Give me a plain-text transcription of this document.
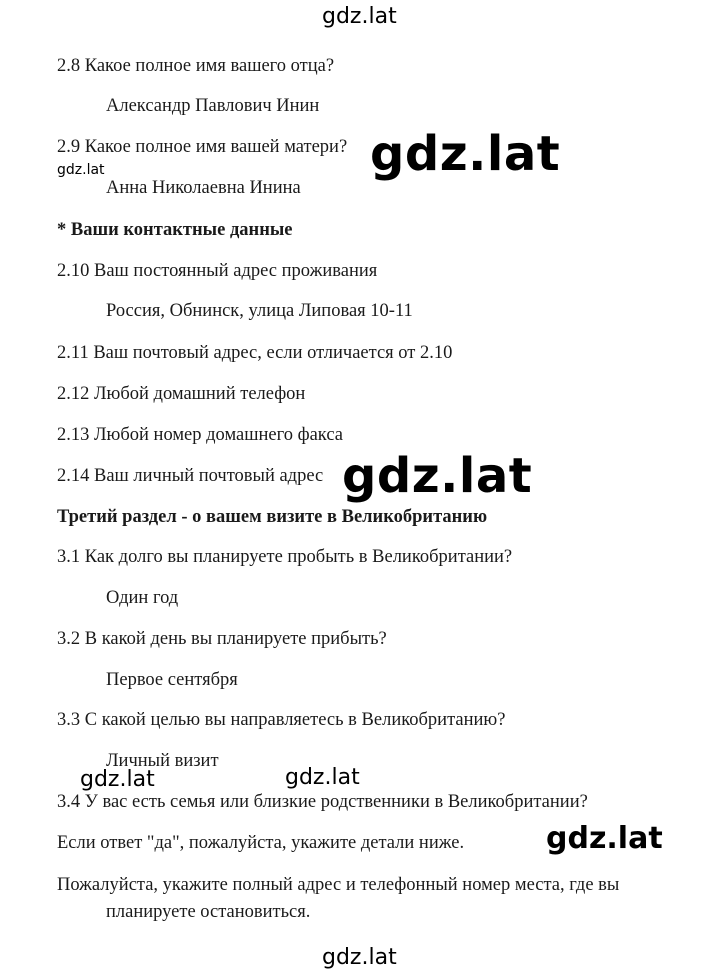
gdz.lat
2.8 Какое полное имя вашего отца?
Александр Павлович Инин
2.9 Какое полное имя вашей матери? gdz.lat
gdz.lat
Анна Николаевна Инина
* Ваши контактные данные
2.10 Ваш постоянный адрес проживания
Россия, Обнинск, улица Липовая 10-11
2.11 Ваш почтовый адрес, если отличается от 2.10
2.12 Любой домашний телефон
2.13 Любой номер домашнего факса
2.14 Ваш личный почтовый адрес gdz.lat
Третий раздел - о вашем визите в Великобританию
3.1 Как долго вы планируете пробыть в Великобритании?
Один год
3.2 В какой день вы планируете прибыть?
Первое сентября
3.3 С какой целью вы направляетесь в Великобританию?
Личный визит
gdz.lat	gdz.lat
3.4 У вас есть семья или близкие родственники в Великобритании?
Если ответ "да", пожалуйста, укажите детали ниже.	gdz.lat
Пожалуйста, укажите полный адрес и телефонный номер места, где вы
планируете остановиться.
gdz.lat
